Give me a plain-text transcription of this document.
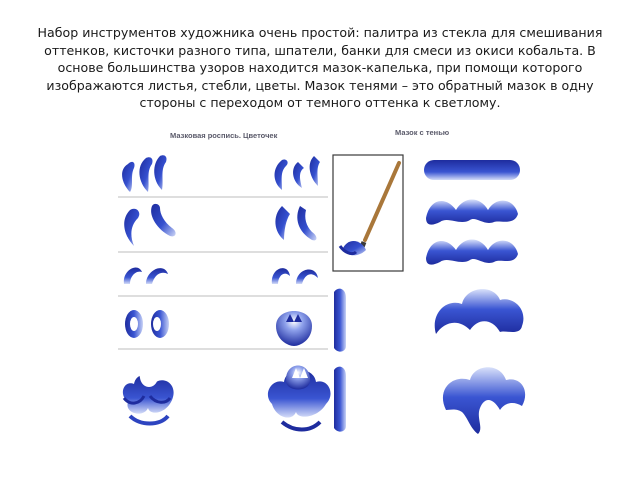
Набор инструментов художника очень простой: палитра из стекла для смешивания оттенков, кисточки разного типа, шпатели, банки для смеси из окиси кобальта. В основе большинства узоров находится мазок-капелька, при помощи которого изображаются листья, стебли, цветы. Мазок тенями – это обратный мазок в одну стороны с переходом от темного оттенка к светлому.

Мазковая роспись. Цветочек	Мазок с тенью
